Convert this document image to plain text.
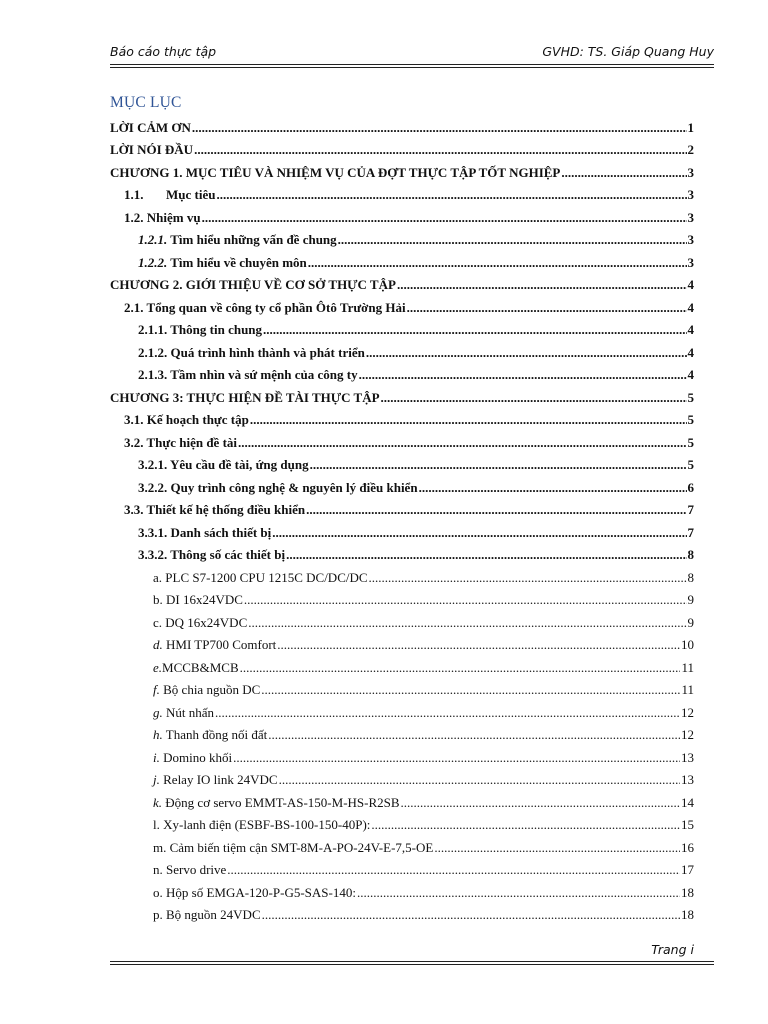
Báo cáo thực tập	GVHD: TS. Giáp Quang Huy
MỤC LỤC
LỜI CẢM ƠN .....	1
LỜI NÓI ĐẦU .....	2
CHƯƠNG 1. MỤC TIÊU VÀ NHIỆM VỤ CỦA ĐỢT THỰC TẬP TỐT NGHIỆP .....	3
1.1. Mục tiêu .....	3
1.2. Nhiệm vụ .....	3
1.2.1. Tìm hiểu những vấn đề chung .....	3
1.2.2. Tìm hiểu về chuyên môn .....	3
CHƯƠNG 2. GIỚI THIỆU VỀ CƠ SỞ THỰC TẬP .....	4
2.1. Tổng quan về công ty cổ phần Ôtô Trường Hải .....	4
2.1.1. Thông tin chung .....	4
2.1.2. Quá trình hình thành và phát triển .....	4
2.1.3. Tầm nhìn và sứ mệnh của công ty .....	4
CHƯƠNG 3: THỰC HIỆN ĐỀ TÀI THỰC TẬP .....	5
3.1. Kế hoạch thực tập .....	5
3.2. Thực hiện đề tài .....	5
3.2.1. Yêu cầu đề tài, ứng dụng .....	5
3.2.2. Quy trình công nghệ & nguyên lý điều khiển .....	6
3.3. Thiết kế hệ thống điều khiển .....	7
3.3.1. Danh sách thiết bị .....	7
3.3.2. Thông số các thiết bị .....	8
a. PLC S7-1200 CPU 1215C DC/DC/DC .....	8
b. DI 16x24VDC .....	9
c. DQ 16x24VDC .....	9
d. HMI TP700 Comfort .....	10
e.MCCB&MCB .....	11
f. Bộ chia nguồn DC .....	11
g. Nút nhấn .....	12
h. Thanh đồng nối đất .....	12
i. Domino khối .....	13
j. Relay IO link 24VDC .....	13
k. Động cơ servo EMMT-AS-150-M-HS-R2SB .....	14
l. Xy-lanh điện (ESBF-BS-100-150-40P): .....	15
m. Cảm biến tiệm cận SMT-8M-A-PO-24V-E-7,5-OE .....	16
n. Servo drive .....	17
o. Hộp số EMGA-120-P-G5-SAS-140: .....	18
p. Bộ nguồn 24VDC .....	18
Trang i
